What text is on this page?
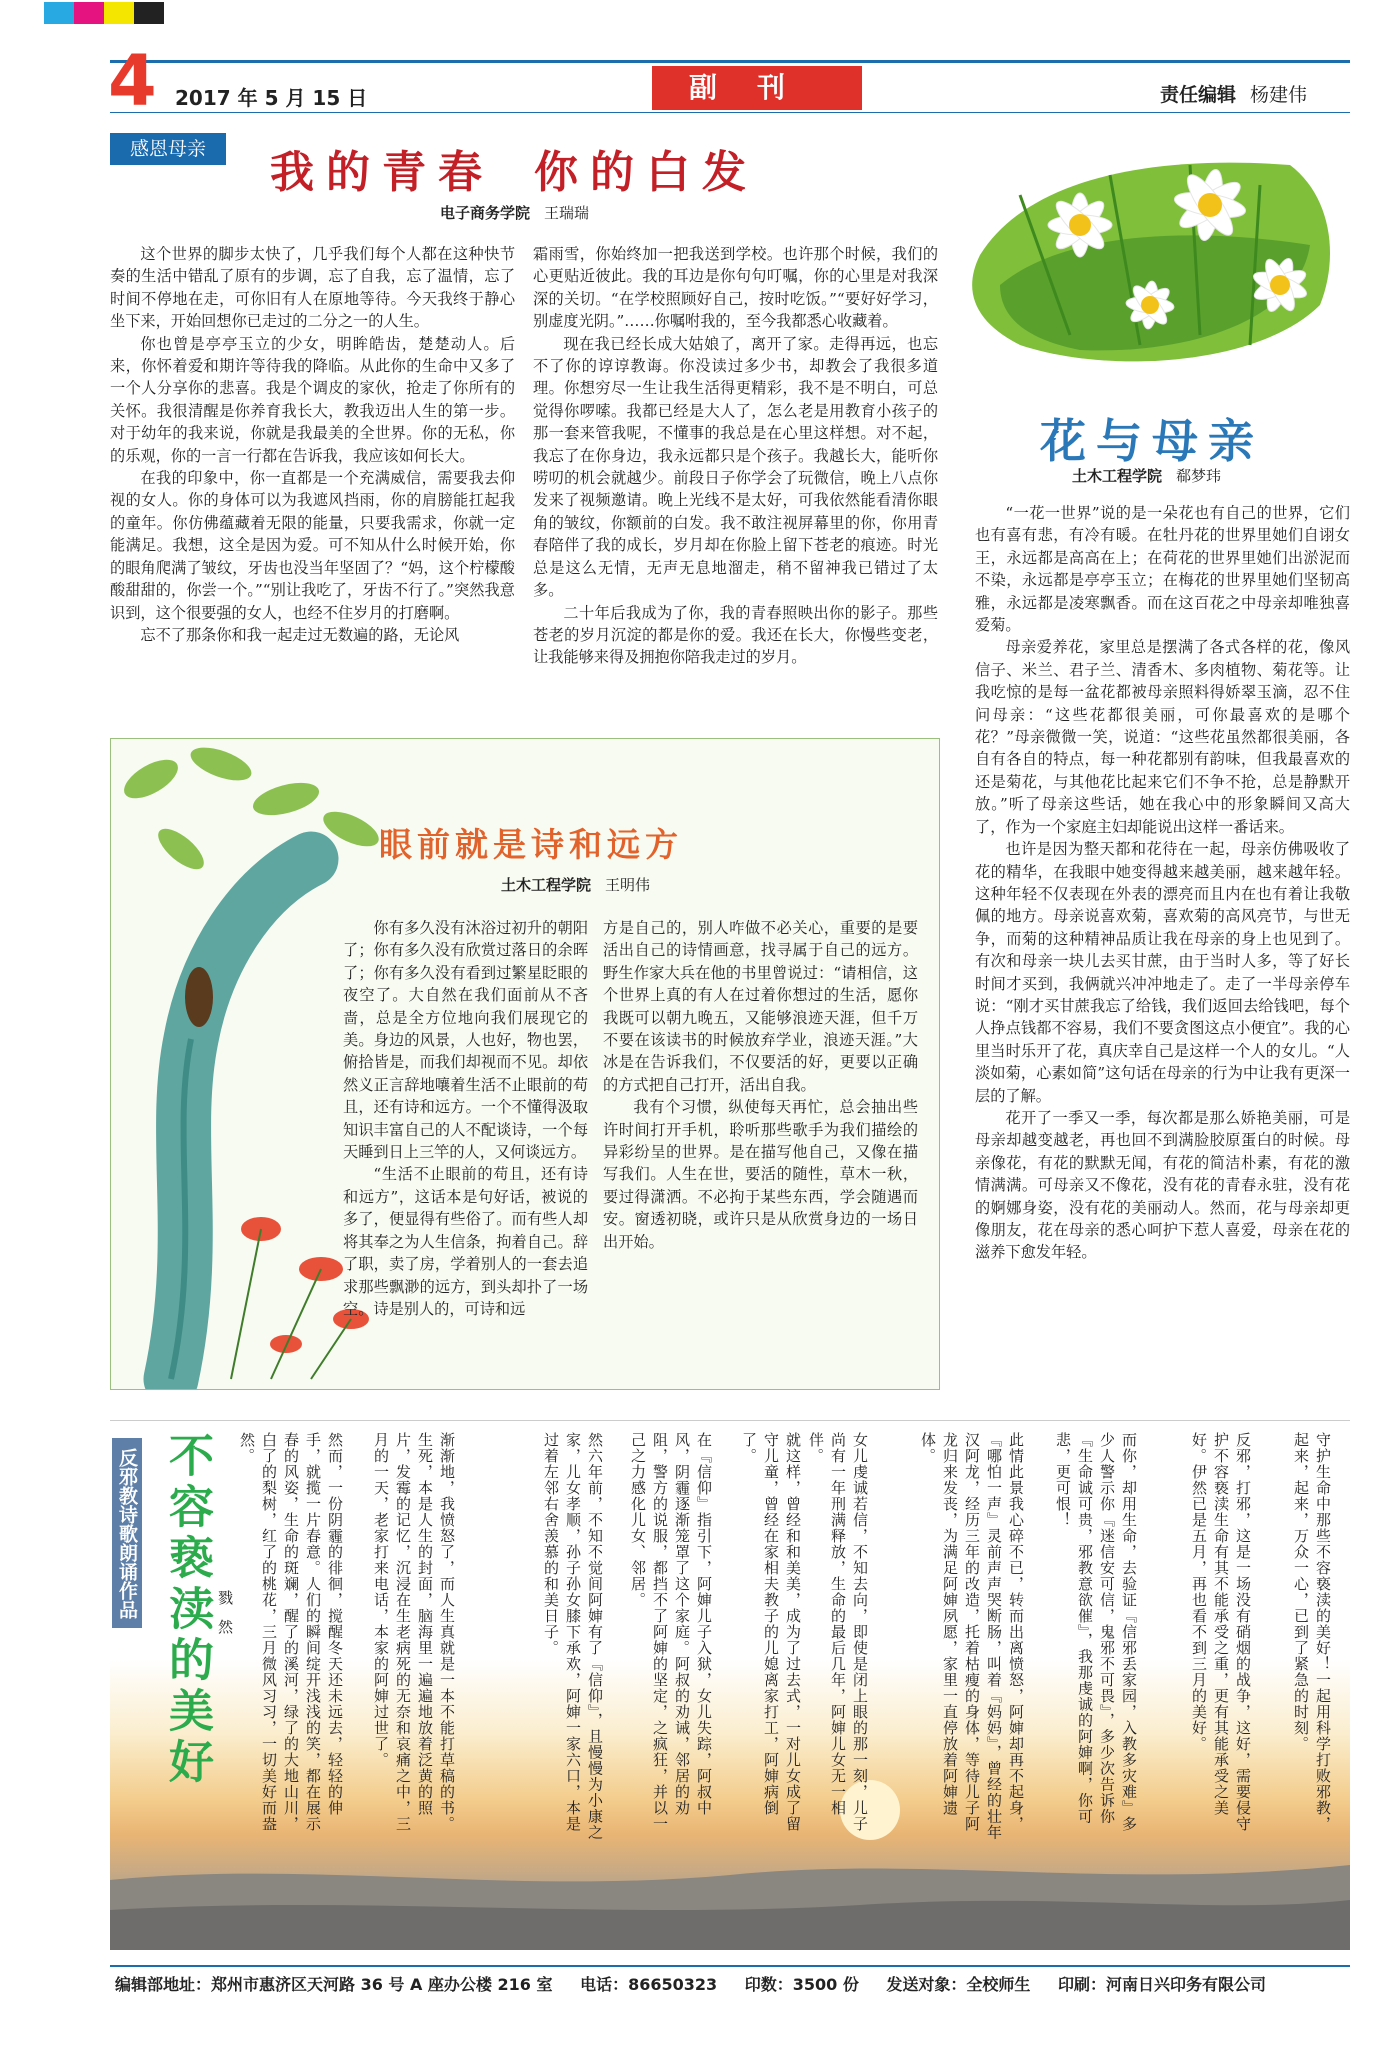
4 2017 年 5 月 15 日	副刊	责任编辑 杨建伟
感恩母亲	我的青春 你的白发
电子商务学院 王瑞瑞

这个世界的脚步太快了，几乎我们每个人都在这种快节奏的生活中错乱了原有的步调，忘了自我，忘了温情，忘了时间不停地在走，可你旧有人在原地等待。今天我终于静心坐下来，开始回想你已走过的二分之一的人生。

你也曾是亭亭玉立的少女，明眸皓齿，楚楚动人。后来，你怀着爱和期许等待我的降临。从此你的生命中又多了一个人分享你的悲喜。我是个调皮的家伙，抢走了你所有的关怀。我很清醒是你养育我长大，教我迈出人生的第一步。对于幼年的我来说，你就是我最美的全世界。你的无私，你的乐观，你的一言一行都在告诉我，我应该如何长大。

在我的印象中，你一直都是一个充满威信，需要我去仰视的女人。你的身体可以为我遮风挡雨，你的肩膀能扛起我的童年。你仿佛蕴藏着无限的能量，只要我需求，你就一定能满足。我想，这全是因为爱。可不知从什么时候开始，你的眼角爬满了皱纹，牙齿也没当年坚固了？“妈，这个柠檬酸酸甜甜的，你尝一个。”“别让我吃了，牙齿不行了。”突然我意识到，这个很要强的女人，也经不住岁月的打磨啊。

忘不了那条你和我一起走过无数遍的路，无论风

霜雨雪，你始终加一把我送到学校。也许那个时候，我们的心更贴近彼此。我的耳边是你句句叮嘱，你的心里是对我深深的关切。“在学校照顾好自己，按时吃饭。”“要好好学习，别虚度光阴。”……你嘱咐我的，至今我都悉心收藏着。

现在我已经长成大姑娘了，离开了家。走得再远，也忘不了你的谆谆教诲。你没读过多少书，却教会了我很多道理。你想穷尽一生让我生活得更精彩，我不是不明白，可总觉得你啰嗦。我都已经是大人了，怎么老是用教育小孩子的那一套来管我呢，不懂事的我总是在心里这样想。对不起，我忘了在你身边，我永远都只是个孩子。我越长大，能听你唠叨的机会就越少。前段日子你学会了玩微信，晚上八点你发来了视频邀请。晚上光线不是太好，可我依然能看清你眼角的皱纹，你额前的白发。我不敢注视屏幕里的你，你用青春陪伴了我的成长，岁月却在你脸上留下苍老的痕迹。时光总是这么无情，无声无息地溜走，稍不留神我已错过了太多。

二十年后我成为了你，我的青春照映出你的影子。那些苍老的岁月沉淀的都是你的爱。我还在长大，你慢些变老，让我能够来得及拥抱你陪我走过的岁月。

花与母亲
土木工程学院 郗梦玮

“一花一世界”说的是一朵花也有自己的世界，它们也有喜有悲，有冷有暖。在牡丹花的世界里她们自诩女王，永远都是高高在上；在荷花的世界里她们出淤泥而不染，永远都是亭亭玉立；在梅花的世界里她们坚韧高雅，永远都是凌寒飘香。而在这百花之中母亲却唯独喜爱菊。

母亲爱养花，家里总是摆满了各式各样的花，像风信子、米兰、君子兰、清香木、多肉植物、菊花等。让我吃惊的是每一盆花都被母亲照料得娇翠玉滴，忍不住问母亲：“这些花都很美丽，可你最喜欢的是哪个花？”母亲微微一笑，说道：“这些花虽然都很美丽，各自有各自的特点，每一种花都别有韵味，但我最喜欢的还是菊花，与其他花比起来它们不争不抢，总是静默开放。”听了母亲这些话，她在我心中的形象瞬间又高大了，作为一个家庭主妇却能说出这样一番话来。

也许是因为整天都和花待在一起，母亲仿佛吸收了花的精华，在我眼中她变得越来越美丽，越来越年轻。这种年轻不仅表现在外表的漂亮而且内在也有着让我敬佩的地方。母亲说喜欢菊，喜欢菊的高风亮节，与世无争，而菊的这种精神品质让我在母亲的身上也见到了。有次和母亲一块儿去买甘蔗，由于当时人多，等了好长时间才买到，我俩就兴冲冲地走了。走了一半母亲停车说：“刚才买甘蔗我忘了给钱，我们返回去给钱吧，每个人挣点钱都不容易，我们不要贪图这点小便宜”。我的心里当时乐开了花，真庆幸自己是这样一个人的女儿。“人淡如菊，心素如简”这句话在母亲的行为中让我有更深一层的了解。

花开了一季又一季，每次都是那么娇艳美丽，可是母亲却越变越老，再也回不到满脸胶原蛋白的时候。母亲像花，有花的默默无闻，有花的简洁朴素，有花的激情满满。可母亲又不像花，没有花的青春永驻，没有花的婀娜身姿，没有花的美丽动人。然而，花与母亲却更像朋友，花在母亲的悉心呵护下惹人喜爱，母亲在花的滋养下愈发年轻。

眼前就是诗和远方
土木工程学院 王明伟

你有多久没有沐浴过初升的朝阳了；你有多久没有欣赏过落日的余晖了；你有多久没有看到过繁星眨眼的夜空了。大自然在我们面前从不吝啬，总是全方位地向我们展现它的美。身边的风景，人也好，物也罢，俯拾皆是，而我们却视而不见。却依然义正言辞地嚷着生活不止眼前的苟且，还有诗和远方。一个不懂得汲取知识丰富自己的人不配谈诗，一个每天睡到日上三竿的人，又何谈远方。

“生活不止眼前的苟且，还有诗和远方”，这话本是句好话，被说的多了，便显得有些俗了。而有些人却将其奉之为人生信条，拘着自己。辞了职，卖了房，学着别人的一套去追求那些飘渺的远方，到头却扑了一场空。诗是别人的，可诗和远

方是自己的，别人咋做不必关心，重要的是要活出自己的诗情画意，找寻属于自己的远方。野生作家大兵在他的书里曾说过：“请相信，这个世界上真的有人在过着你想过的生活，愿你我既可以朝九晚五，又能够浪迹天涯，但千万不要在该读书的时候放弃学业，浪迹天涯。”大冰是在告诉我们，不仅要活的好，更要以正确的方式把自己打开，活出自我。

我有个习惯，纵使每天再忙，总会抽出些许时间打开手机，聆听那些歌手为我们描绘的异彩纷呈的世界。是在描写他自己，又像在描写我们。人生在世，要活的随性，草木一秋，要过得潇洒。不必拘于某些东西，学会随遇而安。窗透初晓，或许只是从欣赏身边的一场日出开始。

反邪教诗歌朗诵作品 不容亵渎的美好 戮然	守护生命中那些不容亵渎的美好！一起用科学打败邪教，起来，起来，万众一心，已到了紧急的时刻。
反邪，打邪，这是一场没有硝烟的战争，这好，需要侵守护不容亵渎生命有其不能承受之重，更有其能承受之美好。伊然已是五月，再也看不到三月的美好。
而你，却用生命，去验证『信邪丢家园，入教多灾难』多少人警示你『迷信安可信，鬼邪不可畏』，多少次告诉你『生命诚可贵，邪教意欲催』，我那虔诚的阿婶啊，你可悲，更可恨！
此情此景我心碎不已，转而出离愤怒，阿婶却再不起身，『哪怕一声』灵前声声哭断肠，叫着『妈妈』，曾经的壮年汉阿龙，经历三年的改造，托着枯瘦的身体，等待儿子阿龙归来发丧，为满足阿婶夙愿，家里一直停放着阿婶遗体。
女儿虔诚若信，不知去向，即使是闭上眼的那一刻，儿子尚有一年刑满释放，生命的最后几年，阿婶儿女无一相伴。
就这样，曾经和和美美，成为了过去式，一对儿女成了留守儿童，曾经在家相夫教子的儿媳离家打工，阿婶病倒了。
在『信仰』指引下，阿婶儿子入狱，女儿失踪，阿叔中风，阴霾逐渐笼罩了这个家庭。阿叔的劝诫，邻居的劝阻，警方的说服，都挡不了阿婶的坚定，之疯狂，并以一己之力感化儿女、邻居。
然六年前，不知不觉间阿婶有了『信仰』，且慢慢为小康之家，儿女孝顺，孙子孙女膝下承欢，阿婶一家六口，本是过着左邻右舍羡慕的和美日子。
渐渐地，我愤怒了，而人生真就是一本不能打草稿的书。生死，本是人生的封面，脑海里一遍遍地放着泛黄的照片，发霉的记忆，沉浸在生老病死的无奈和哀痛之中，三月的一天，老家打来电话，本家的阿婶过世了。
然而，一份阴霾的徘徊，搅醒冬天还未远去，轻轻的伸手，就揽一片春意。人们的瞬间绽开浅浅的笑，都在展示春的风姿，生命的斑斓，醒了的溪河，绿了的大地山川，白了的梨树，红了的桃花，三月微风习习，一切美好而盎然。
编辑部地址：郑州市惠济区天河路 36 号 A 座办公楼 216 室 电话：86650323 印数：3500 份 发送对象：全校师生 印刷：河南日兴印务有限公司
